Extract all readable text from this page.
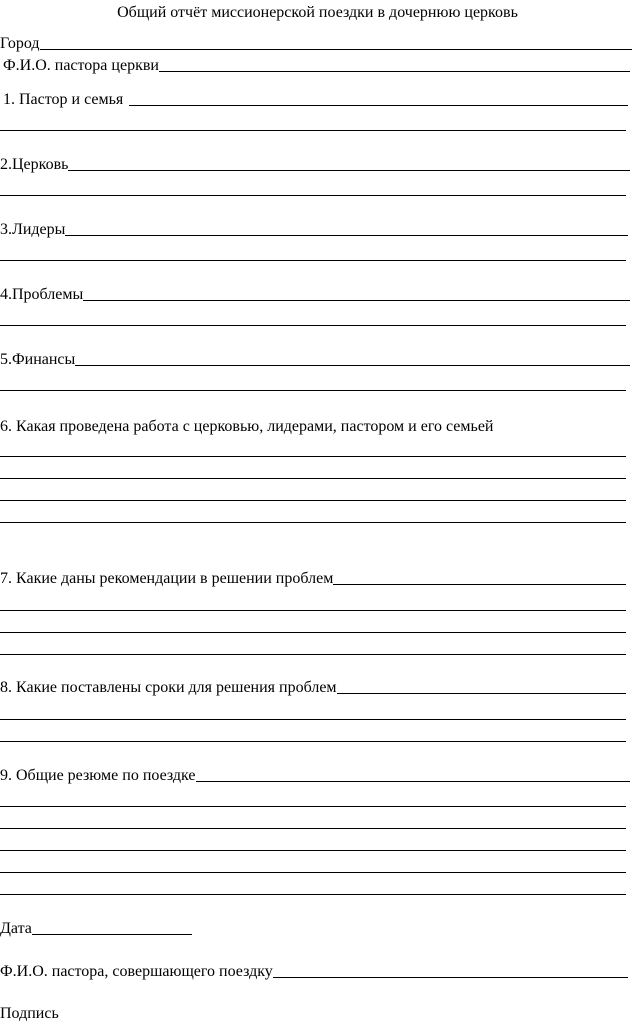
Общий отчёт миссионерской поездки в дочернюю церковь
Город
Ф.И.О. пастора церкви
1. Пастор и семья
2.Церковь
3.Лидеры
4.Проблемы
5.Финансы
6. Какая проведена работа с церковью, лидерами, пастором и его семьей
7. Какие даны рекомендации в решении проблем
8. Какие поставлены сроки для решения проблем
9. Общие резюме по поездке
Дата
Ф.И.О. пастора, совершающего поездку
Подпись
